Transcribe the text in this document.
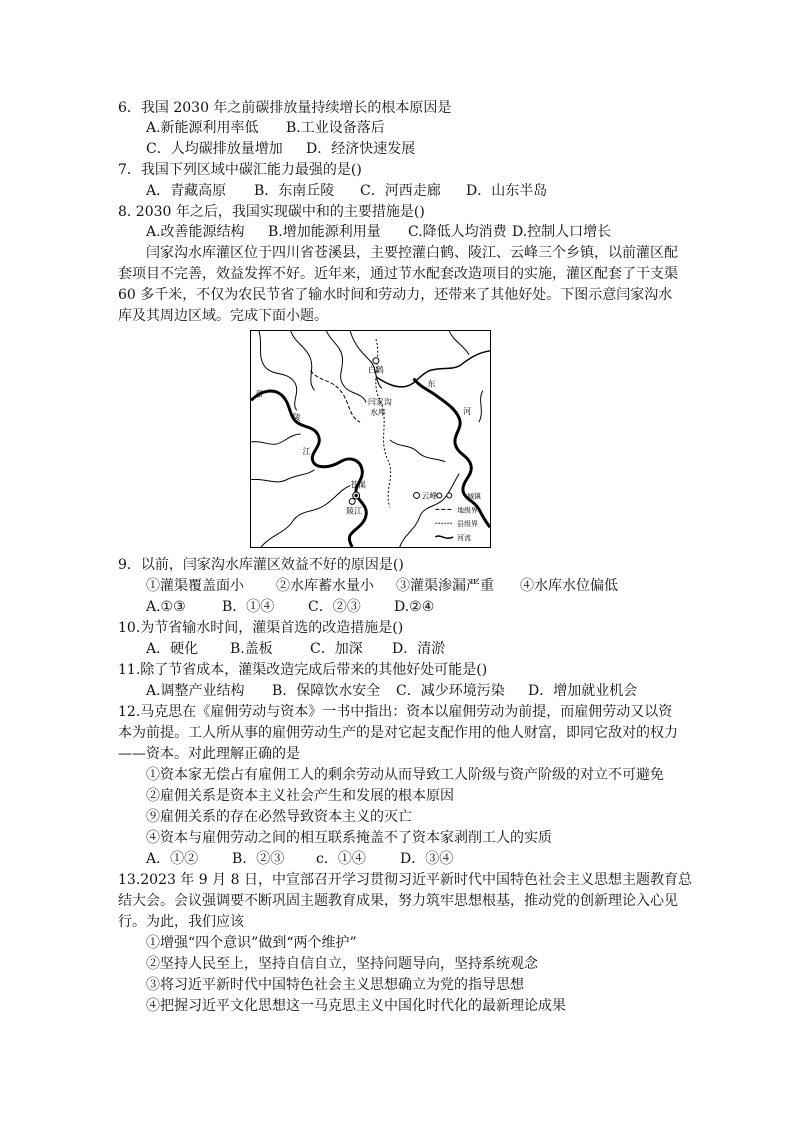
6．我国 2030 年之前碳排放量持续增长的根本原因是
A.新能源利用率低 B.工业设备落后
C．人均碳排放量增加 D．经济快速发展
7．我国下列区域中碳汇能力最强的是()
A．青藏高原 B．东南丘陵 C．河西走廊 D．山东半岛
8. 2030 年之后，我国实现碳中和的主要措施是()
A.改善能源结构 B.增加能源利用量 C.降低人均消费 D.控制人口增长
闫家沟水库灌区位于四川省苍溪县，主要控灌白鹤、陵江、云峰三个乡镇，以前灌区配
套项目不完善，效益发挥不好。近年来，通过节水配套改造项目的实施，灌区配套了干支渠
60 多千米，不仅为农民节省了输水时间和劳动力，还带来了其他好处。下图示意闫家沟水
库及其周边区域。完成下面小题。
白鹤
闫家沟
水库
苍溪
陵江
云峰
陵
江
东
河
嘉
城镇
地级界
县级界
河流
9．以前，闫家沟水库灌区效益不好的原因是()
①灌渠覆盖面小 ②水库蓄水量小 ③灌渠渗漏严重 ④水库水位偏低
A.①③	B．①④ C．②③ D.②④
10.为节省输水时间，灌渠首选的改造措施是()
A．硬化 B.盖板	C．加深 D．清淤
11.除了节省成本，灌渠改造完成后带来的其他好处可能是()
A.调整产业结构 B．保障饮水安全 C．减少环境污染 D．增加就业机会
12.马克思在《雇佣劳动与资本》一书中指出：资本以雇佣劳动为前提，而雇佣劳动又以资
本为前提。工人所从事的雇佣劳动生产的是对它起支配作用的他人财富，即同它敌对的权力
——资本。对此理解正确的是
①资本家无偿占有雇佣工人的剩余劳动从而导致工人阶级与资产阶级的对立不可避免
②雇佣关系是资本主义社会产生和发展的根本原因
⑨雇佣关系的存在必然导致资本主义的灭亡
④资本与雇佣劳动之间的相互联系掩盖不了资本家剥削工人的实质
A．①② B．②③ c．①④ D．③④
13.2023 年 9 月 8 日，中宣部召开学习贯彻习近平新时代中国特色社会主义思想主题教育总
结大会。会议强调要不断巩固主题教育成果，努力筑牢思想根基，推动党的创新理论入心见
行。为此，我们应该
①增强“四个意识”做到“两个维护”
②坚持人民至上，坚持自信自立，坚持问题导向，坚持系统观念
③将习近平新时代中国特色社会主义思想确立为党的指导思想
④把握习近平文化思想这一马克思主义中国化时代化的最新理论成果
